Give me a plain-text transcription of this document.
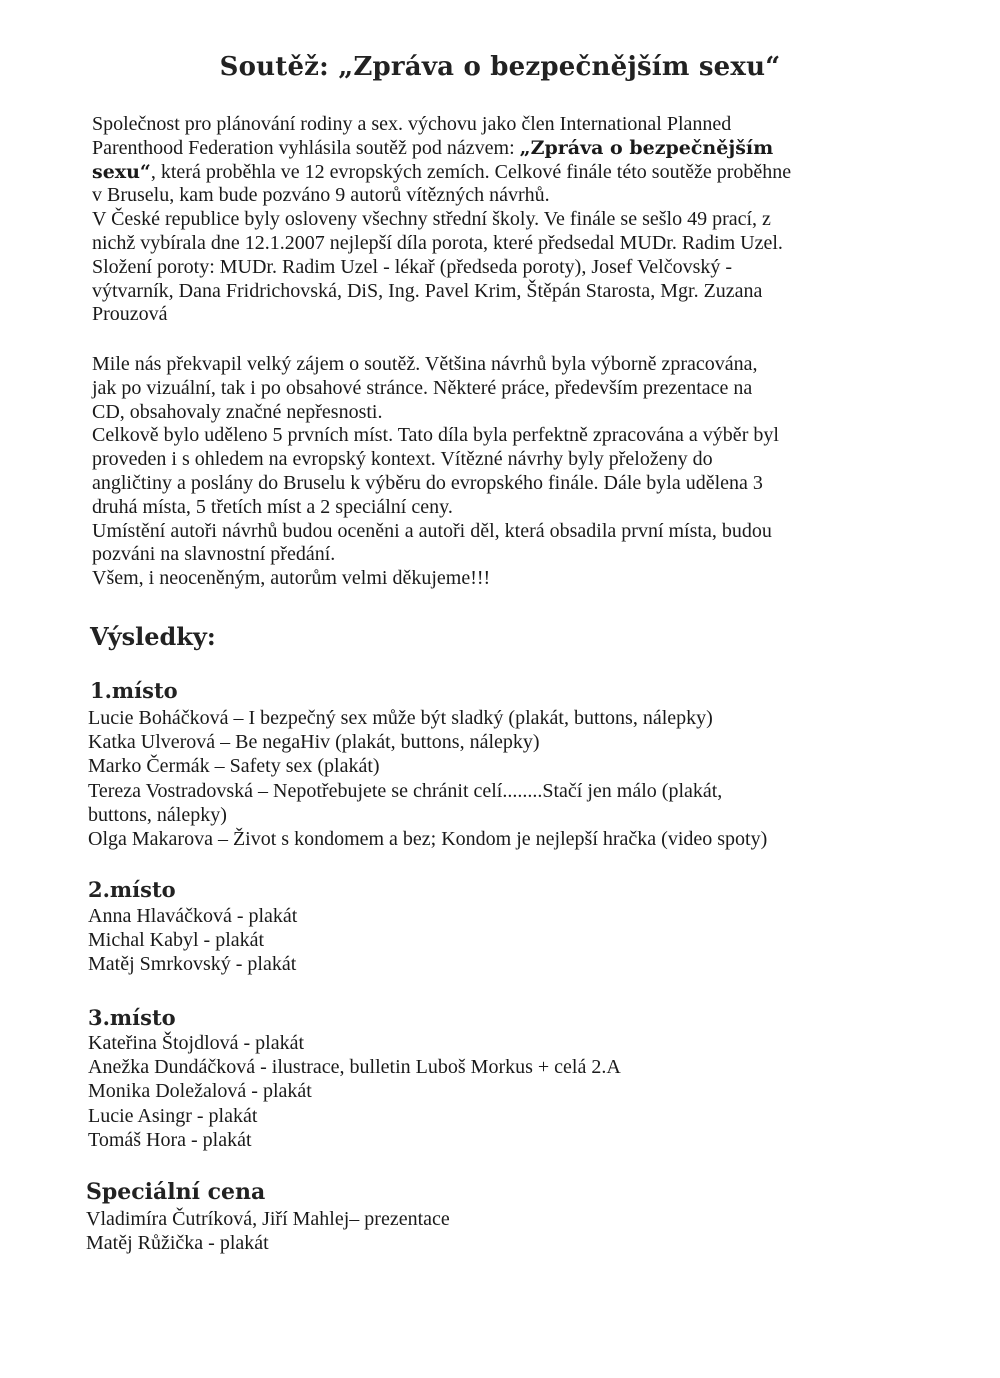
Soutěž: „Zpráva o bezpečnějším sexu“
Společnost pro plánování rodiny a sex. výchovu jako člen International Planned
Parenthood Federation vyhlásila soutěž pod názvem: „Zpráva o bezpečnějším
sexu“, která proběhla ve 12 evropských zemích. Celkové finále této soutěže proběhne
v Bruselu, kam bude pozváno 9 autorů vítězných návrhů.
V České republice byly osloveny všechny střední školy. Ve finále se sešlo 49 prací, z
nichž vybírala dne 12.1.2007 nejlepší díla porota, které předsedal MUDr. Radim Uzel.
Složení poroty: MUDr. Radim Uzel - lékař (předseda poroty), Josef Velčovský -
výtvarník, Dana Fridrichovská, DiS, Ing. Pavel Krim, Štěpán Starosta, Mgr. Zuzana
Prouzová
Mile nás překvapil velký zájem o soutěž. Většina návrhů byla výborně zpracována,
jak po vizuální, tak i po obsahové stránce. Některé práce, především prezentace na
CD, obsahovaly značné nepřesnosti.
Celkově bylo uděleno 5 prvních míst. Tato díla byla perfektně zpracována a výběr byl
proveden i s ohledem na evropský kontext. Vítězné návrhy byly přeloženy do
angličtiny a poslány do Bruselu k výběru do evropského finále. Dále byla udělena 3
druhá místa, 5 třetích míst a 2 speciální ceny.
Umístění autoři návrhů budou oceněni a autoři děl, která obsadila první místa, budou
pozváni na slavnostní předání.
Všem, i neoceněným, autorům velmi děkujeme!!!
Výsledky:
1.místo
Lucie Boháčková – I bezpečný sex může být sladký (plakát, buttons, nálepky)
Katka Ulverová – Be negaHiv (plakát, buttons, nálepky)
Marko Čermák – Safety sex (plakát)
Tereza Vostradovská – Nepotřebujete se chránit celí........Stačí jen málo (plakát,
buttons, nálepky)
Olga Makarova – Život s kondomem a bez; Kondom je nejlepší hračka (video spoty)
2.místo
Anna Hlaváčková - plakát
Michal Kabyl - plakát
Matěj Smrkovský - plakát
3.místo
Kateřina Štojdlová - plakát
Anežka Dundáčková - ilustrace, bulletin Luboš Morkus + celá 2.A
Monika Doležalová - plakát
Lucie Asingr - plakát
Tomáš Hora - plakát
Speciální cena
Vladimíra Čutríková, Jiří Mahlej– prezentace
Matěj Růžička - plakát
